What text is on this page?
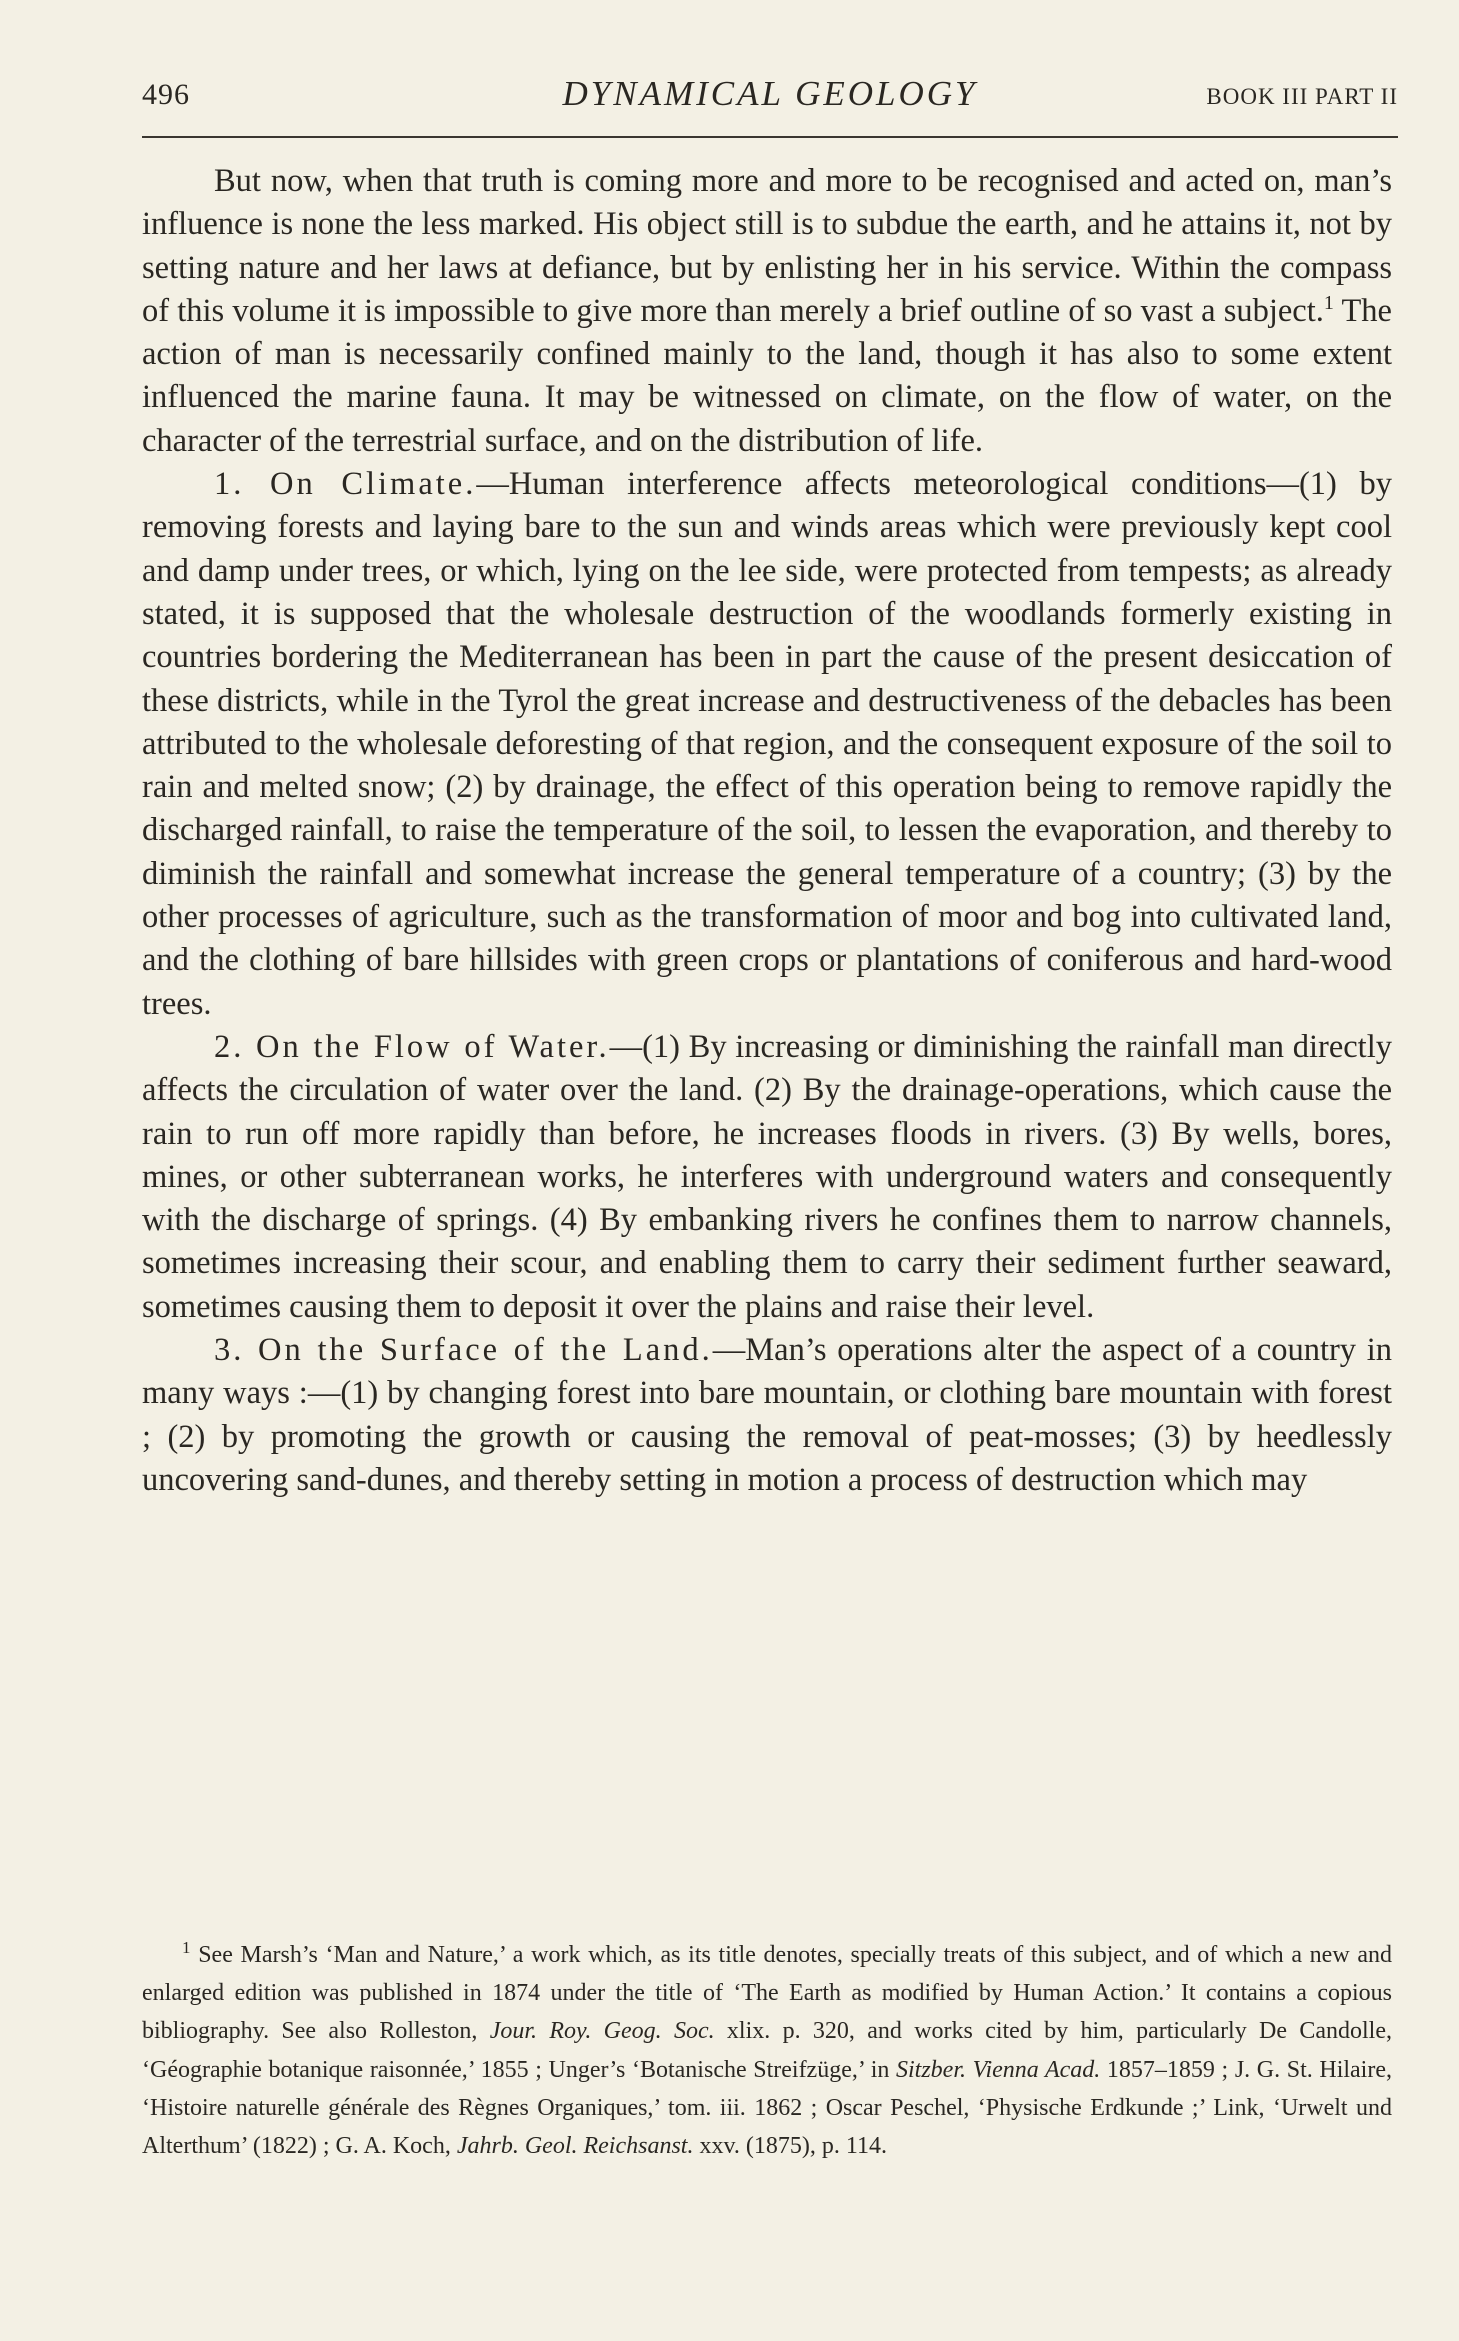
496	DYNAMICAL GEOLOGY	BOOK III PART II

But now, when that truth is coming more and more to be recognised and acted on, man’s influence is none the less marked. His object still is to subdue the earth, and he attains it, not by setting nature and her laws at defiance, but by enlisting her in his service. Within the compass of this volume it is impossible to give more than merely a brief outline of so vast a subject.$^1$ The action of man is necessarily confined mainly to the land, though it has also to some extent influenced the marine fauna. It may be witnessed on climate, on the flow of water, on the character of the terrestrial surface, and on the distribution of life.

1. On Climate.—Human interference affects meteorological conditions—(1) by removing forests and laying bare to the sun and winds areas which were previously kept cool and damp under trees, or which, lying on the lee side, were protected from tempests; as already stated, it is supposed that the wholesale destruction of the woodlands formerly existing in countries bordering the Mediterranean has been in part the cause of the present desiccation of these districts, while in the Tyrol the great increase and destructiveness of the debacles has been attributed to the wholesale deforesting of that region, and the consequent exposure of the soil to rain and melted snow; (2) by drainage, the effect of this operation being to remove rapidly the discharged rainfall, to raise the temperature of the soil, to lessen the evaporation, and thereby to diminish the rainfall and somewhat increase the general temperature of a country; (3) by the other processes of agriculture, such as the transformation of moor and bog into cultivated land, and the clothing of bare hillsides with green crops or plantations of coniferous and hard-wood trees.

2. On the Flow of Water.—(1) By increasing or diminishing the rainfall man directly affects the circulation of water over the land. (2) By the drainage-operations, which cause the rain to run off more rapidly than before, he increases floods in rivers. (3) By wells, bores, mines, or other subterranean works, he interferes with underground waters and consequently with the discharge of springs. (4) By embanking rivers he confines them to narrow channels, sometimes increasing their scour, and enabling them to carry their sediment further seaward, sometimes causing them to deposit it over the plains and raise their level.

3. On the Surface of the Land.—Man’s operations alter the aspect of a country in many ways :—(1) by changing forest into bare mountain, or clothing bare mountain with forest ; (2) by promoting the growth or causing the removal of peat-mosses; (3) by heedlessly uncovering sand-dunes, and thereby setting in motion a process of destruction which may

$^1$ See Marsh’s ‘Man and Nature,’ a work which, as its title denotes, specially treats of this subject, and of which a new and enlarged edition was published in 1874 under the title of ‘The Earth as modified by Human Action.’ It contains a copious bibliography. See also Rolleston, Jour. Roy. Geog. Soc. xlix. p. 320, and works cited by him, particularly De Candolle, ‘Géographie botanique raisonnée,’ 1855 ; Unger’s ‘Botanische Streifzüge,’ in Sitzber. Vienna Acad. 1857–1859 ; J. G. St. Hilaire, ‘Histoire naturelle générale des Règnes Organiques,’ tom. iii. 1862 ; Oscar Peschel, ‘Physische Erdkunde ;’ Link, ‘Urwelt und Alterthum’ (1822) ; G. A. Koch, Jahrb. Geol. Reichsanst. xxv. (1875), p. 114.
